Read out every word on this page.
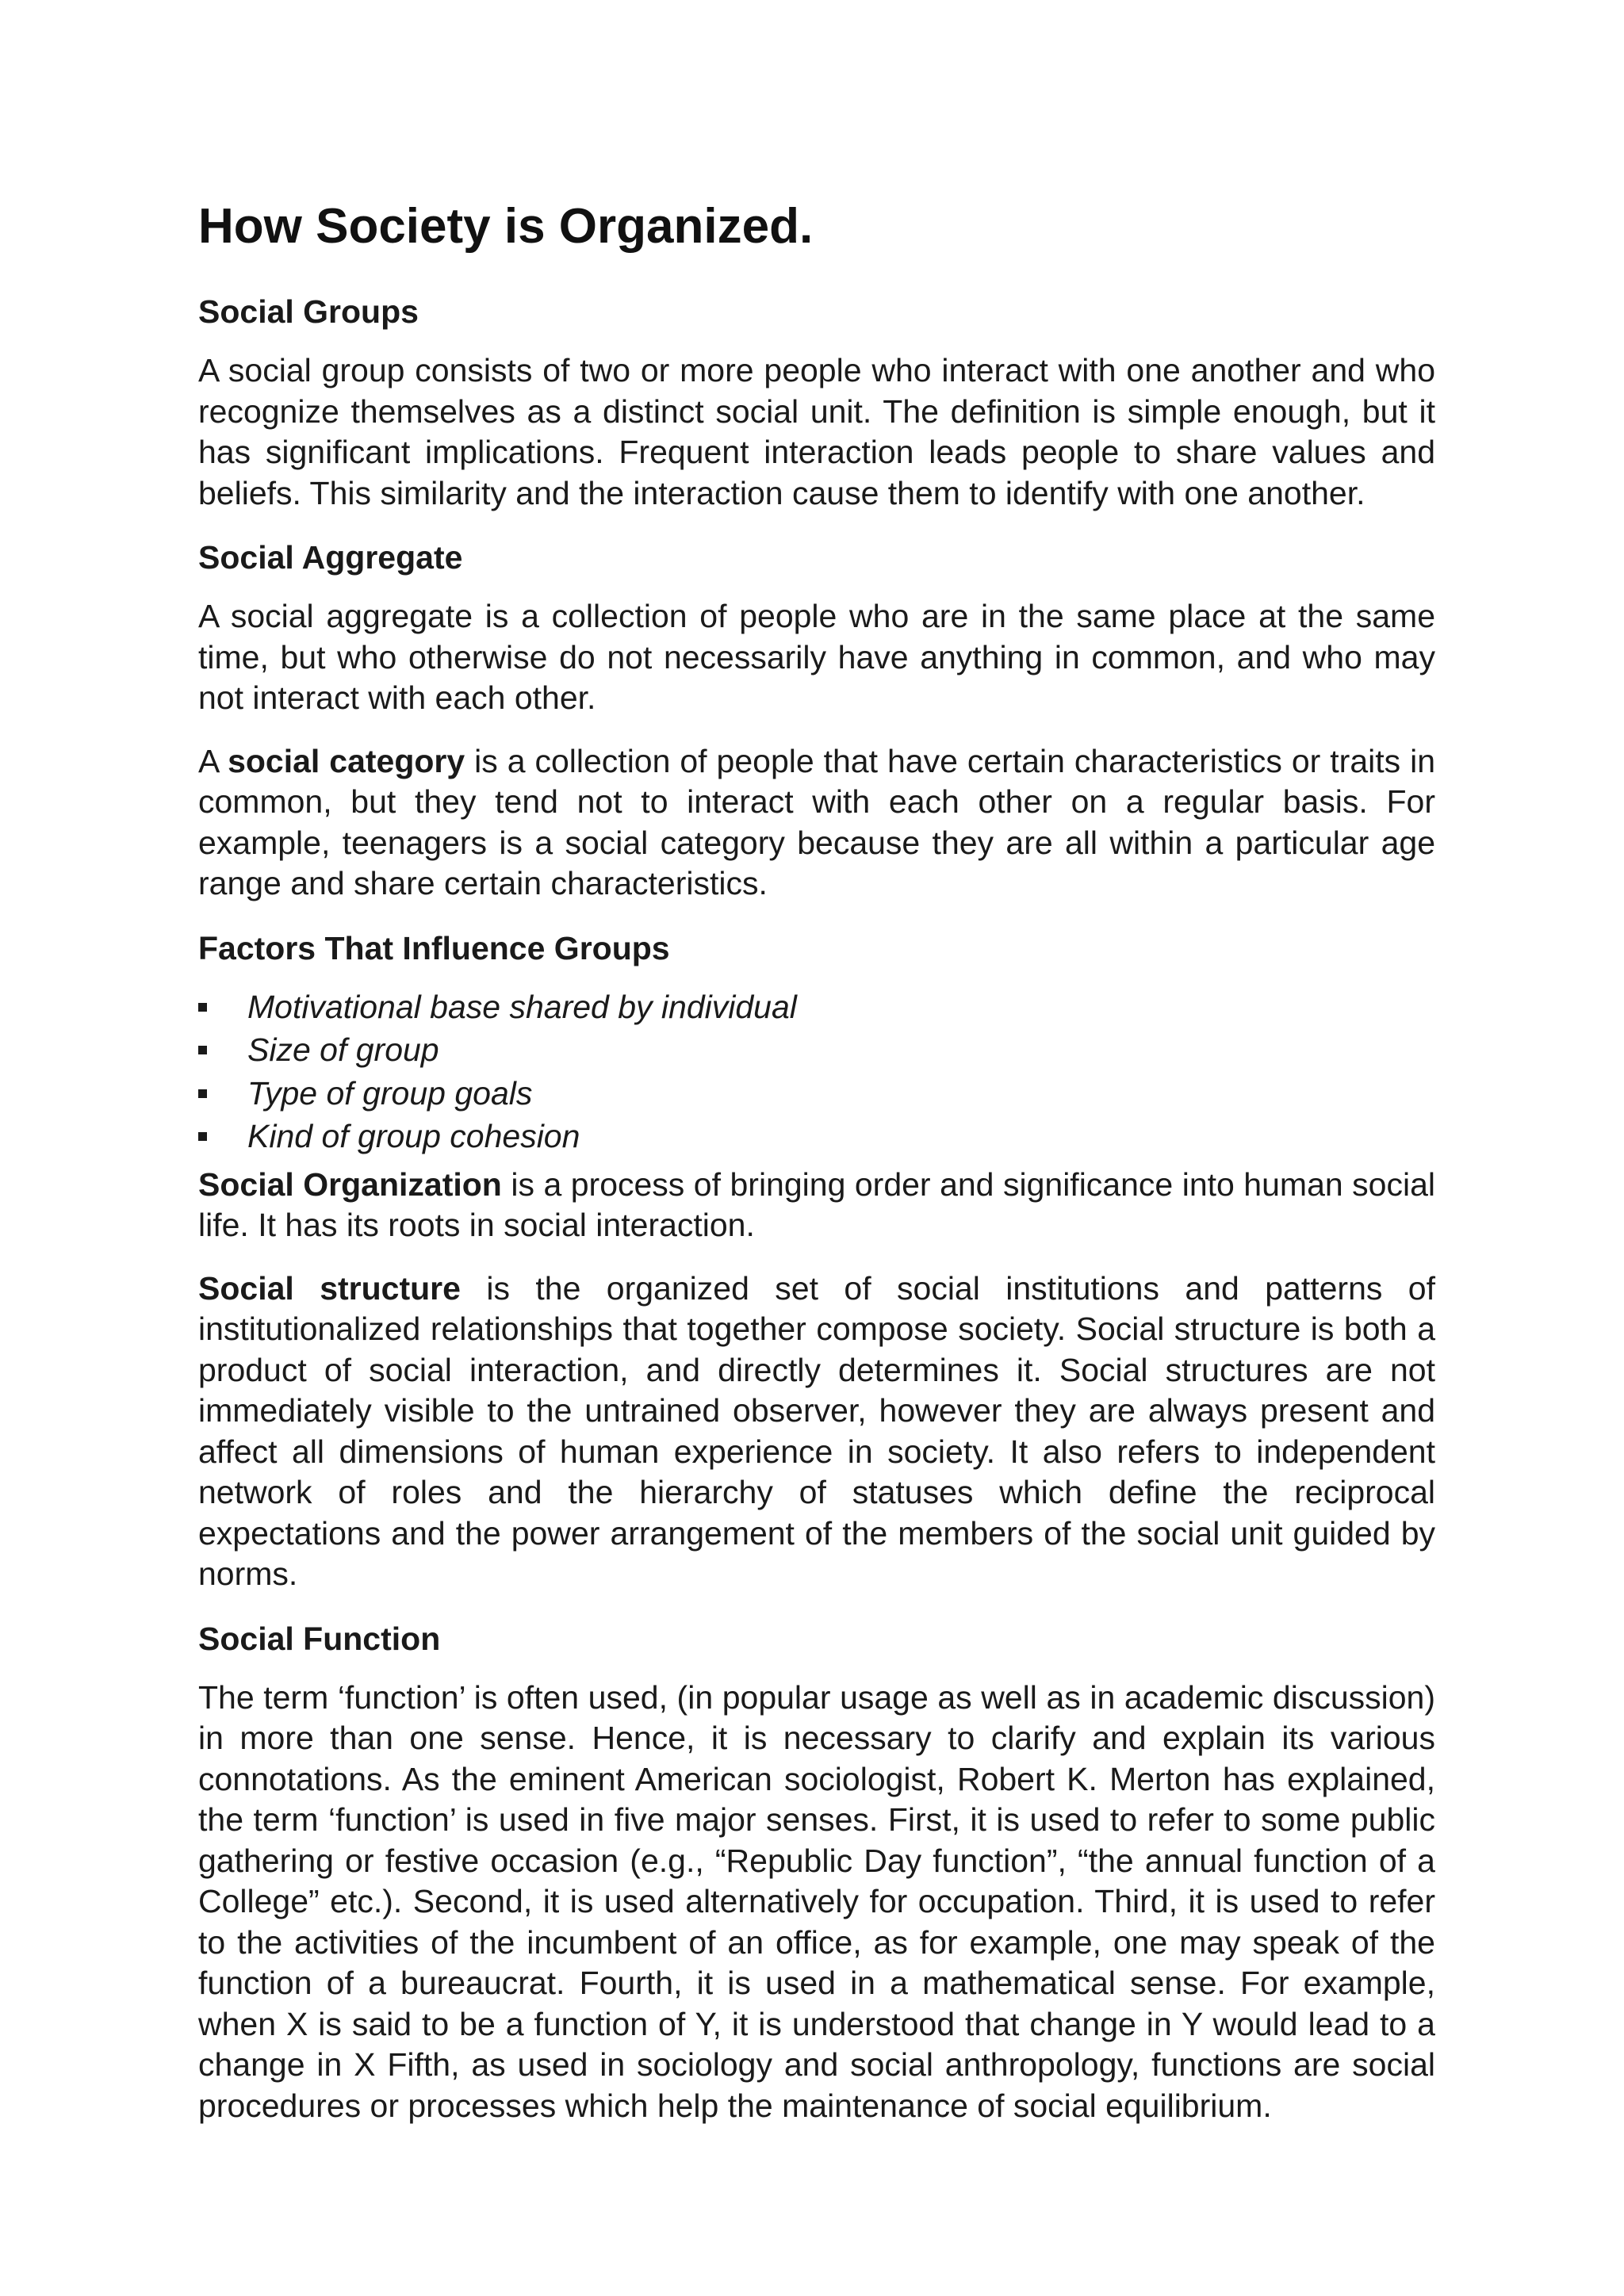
How Society is Organized.
Social Groups

A social group consists of two or more people who interact with one another and who recognize themselves as a distinct social unit. The definition is simple enough, but it has significant implications. Frequent interaction leads people to share values and beliefs. This similarity and the interaction cause them to identify with one another.

Social Aggregate

A social aggregate is a collection of people who are in the same place at the same time, but who otherwise do not necessarily have anything in common, and who may not interact with each other.

A social category is a collection of people that have certain characteristics or traits in common, but they tend not to interact with each other on a regular basis. For example, teenagers is a social category because they are all within a particular age range and share certain characteristics.

Factors That Influence Groups
Motivational base shared by individual
Size of group
Type of group goals
Kind of group cohesion

Social Organization is a process of bringing order and significance into human social life. It has its roots in social interaction.

Social structure is the organized set of social institutions and patterns of institutionalized relationships that together compose society. Social structure is both a product of social interaction, and directly determines it. Social structures are not immediately visible to the untrained observer, however they are always present and affect all dimensions of human experience in society. It also refers to independent network of roles and the hierarchy of statuses which define the reciprocal expectations and the power arrangement of the members of the social unit guided by norms.

Social Function

The term ‘function’ is often used, (in popular usage as well as in academic discussion) in more than one sense. Hence, it is necessary to clarify and explain its various connotations. As the eminent American sociologist, Robert K. Merton has explained, the term ‘function’ is used in five major senses. First, it is used to refer to some public gathering or festive occasion (e.g., “Republic Day function”, “the annual function of a College” etc.). Second, it is used alternatively for occupation. Third, it is used to refer to the activities of the incumbent of an office, as for example, one may speak of the function of a bureaucrat. Fourth, it is used in a mathematical sense. For example, when X is said to be a function of Y, it is understood that change in Y would lead to a change in X Fifth, as used in sociology and social anthropology, functions are social procedures or processes which help the maintenance of social equilibrium.
